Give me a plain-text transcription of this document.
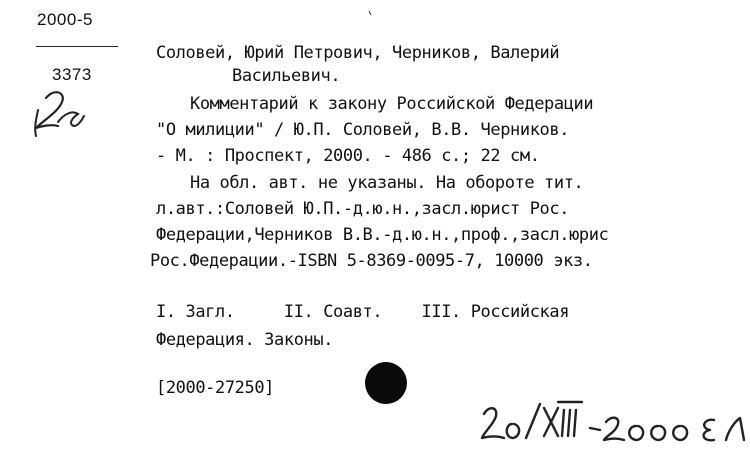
2000-5
3373
Соловей, Юрий Петрович, Черников, Валерий
Васильевич.
Комментарий к закону Российской Федерации
"О милиции" / Ю.П. Соловей, В.В. Черников.
- М. : Проспект, 2000. - 486 с.; 22 см.
На обл. авт. не указаны. На обороте тит.
л.авт.:Соловей Ю.П.-д.ю.н.,засл.юрист Рос.
Федерации,Черников В.В.-д.ю.н.,проф.,засл.юрис
Рос.Федерации.-ISBN 5-8369-0095-7, 10000 экз.
I. Загл.     II. Соавт.    III. Российская
Федерация. Законы.
[2000-27250]
